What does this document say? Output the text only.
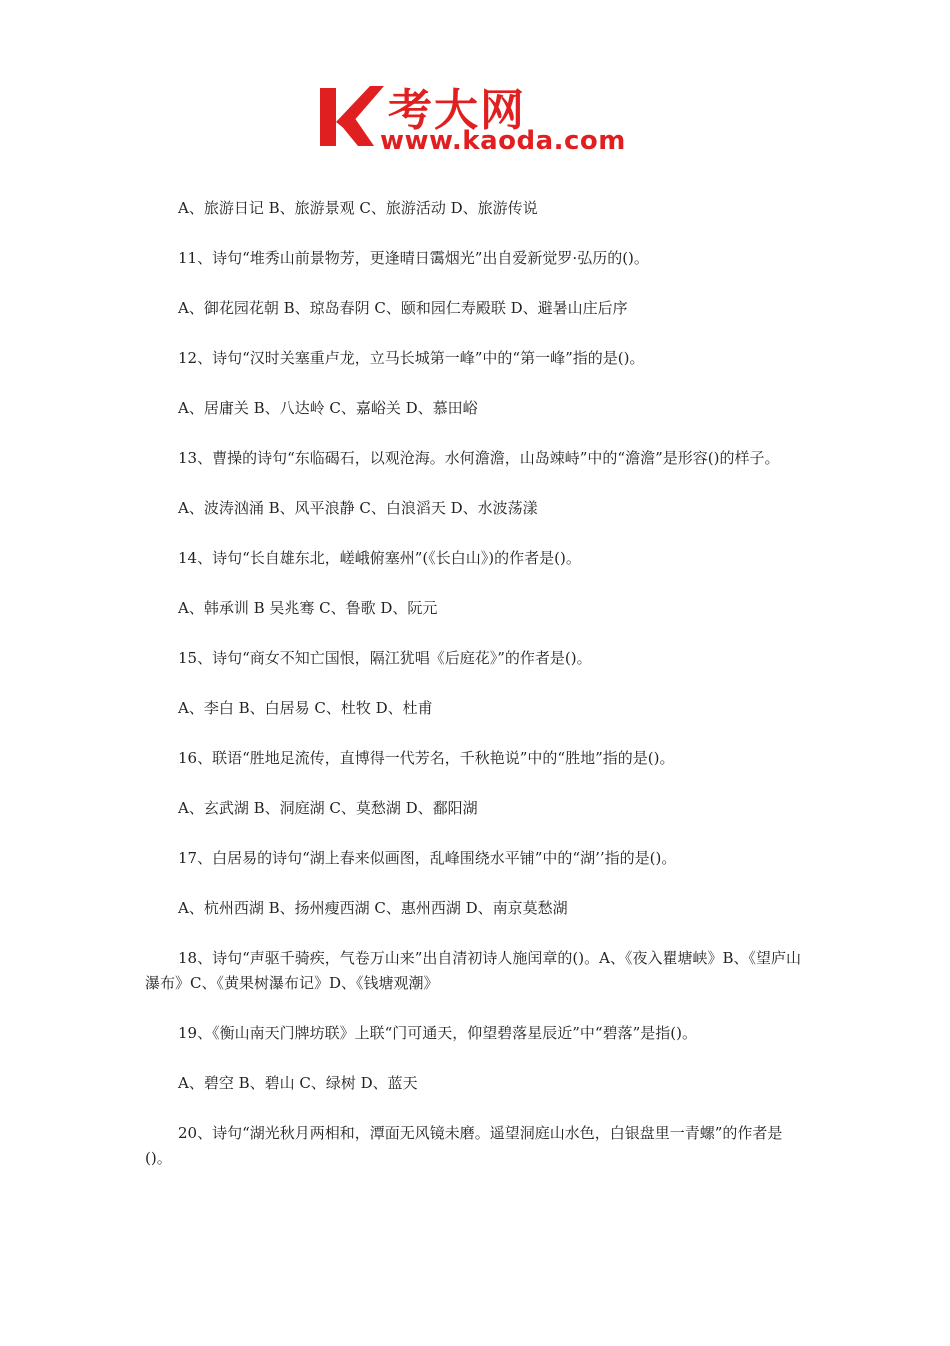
考大网
www.kaoda.com

A、旅游日记 B、旅游景观 C、旅游活动 D、旅游传说

11、诗句“堆秀山前景物芳，更逢晴日霭烟光”出自爱新觉罗·弘历的()。

A、御花园花朝 B、琼岛春阴 C、颐和园仁寿殿联 D、避暑山庄后序

12、诗句“汉时关塞重卢龙，立马长城第一峰”中的“第一峰”指的是()。

A、居庸关 B、八达岭 C、嘉峪关 D、慕田峪

13、曹操的诗句“东临碣石，以观沧海。水何澹澹，山岛竦峙”中的“澹澹”是形容()的样子。

A、波涛汹涌 B、风平浪静 C、白浪滔天 D、水波荡漾

14、诗句“长自雄东北，嵯峨俯塞州”(《长白山》)的作者是()。

A、韩承训 B 吴兆骞 C、鲁歌 D、阮元

15、诗句“商女不知亡国恨，隔江犹唱《后庭花》”的作者是()。

A、李白 B、白居易 C、杜牧 D、杜甫

16、联语“胜地足流传，直博得一代芳名，千秋艳说”中的“胜地”指的是()。

A、玄武湖 B、洞庭湖 C、莫愁湖 D、鄱阳湖

17、白居易的诗句“湖上春来似画图，乱峰围绕水平铺”中的“湖’’指的是()。

A、杭州西湖 B、扬州瘦西湖 C、惠州西湖 D、南京莫愁湖

18、诗句“声驱千骑疾，气卷万山来”出自清初诗人施闰章的()。A、《夜入瞿塘峡》B、《望庐山瀑布》C、《黄果树瀑布记》D、《钱塘观潮》

19、《衡山南天门牌坊联》上联“门可通天，仰望碧落星辰近”中“碧落”是指()。

A、碧空 B、碧山 C、绿树 D、蓝天

20、诗句“湖光秋月两相和，潭面无风镜未磨。遥望洞庭山水色，白银盘里一青螺”的作者是()。
